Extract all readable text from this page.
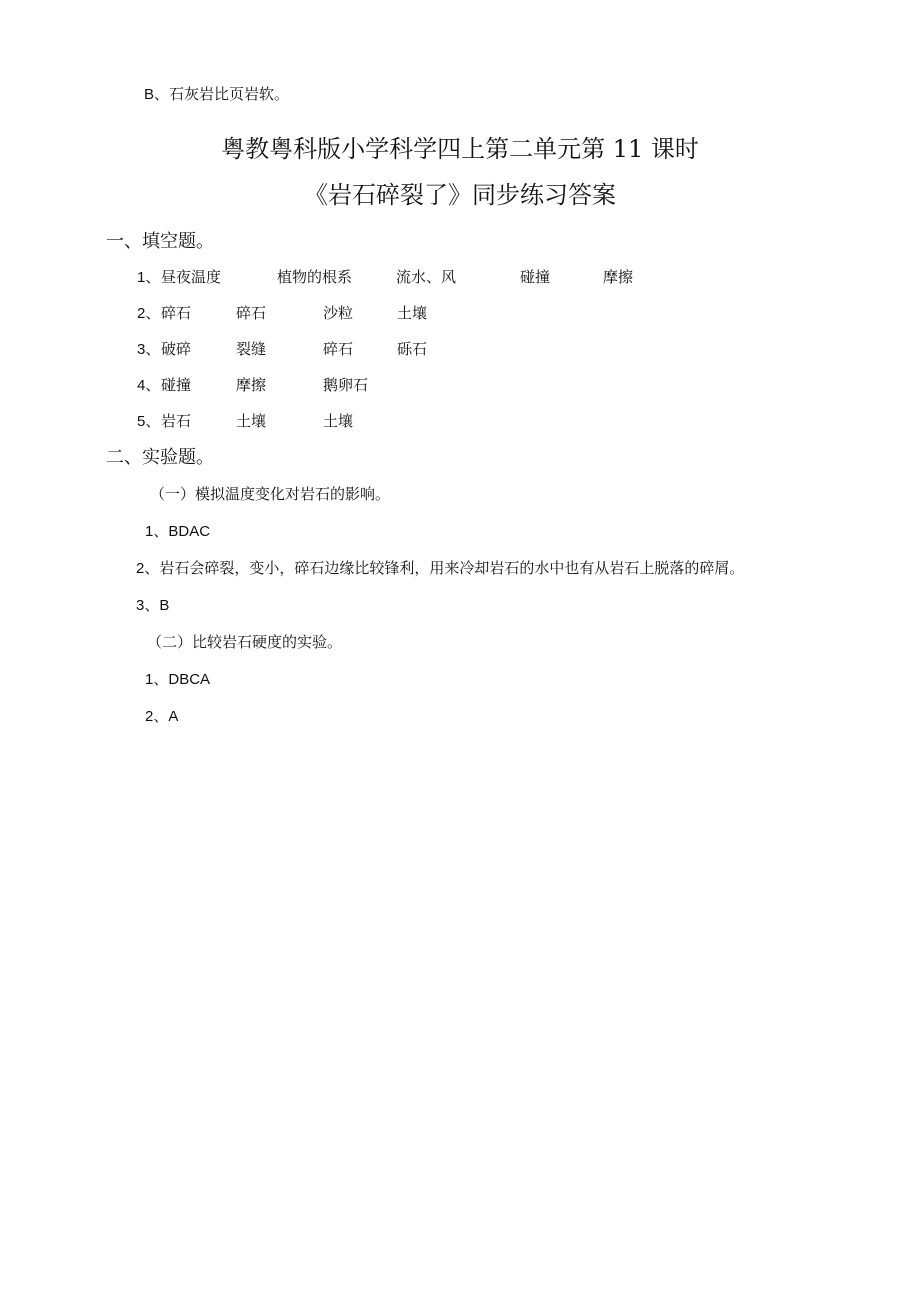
B、石灰岩比页岩软。
粤教粤科版小学科学四上第二单元第 11 课时
《岩石碎裂了》同步练习答案
一、填空题。
1、 昼夜温度	植物的根系	流水、风	碰撞	摩擦
2、 碎石	碎石	沙粒	土壤
3、 破碎	裂缝	碎石	砾石
4、 碰撞	摩擦	鹅卵石
5、 岩石	土壤	土壤
二、实验题。
（一）模拟温度变化对岩石的影响。
1、BDAC
2、岩石会碎裂，变小，碎石边缘比较锋利，用来冷却岩石的水中也有从岩石上脱落的碎屑。
3、B
（二）比较岩石硬度的实验。
1、DBCA
2、A
